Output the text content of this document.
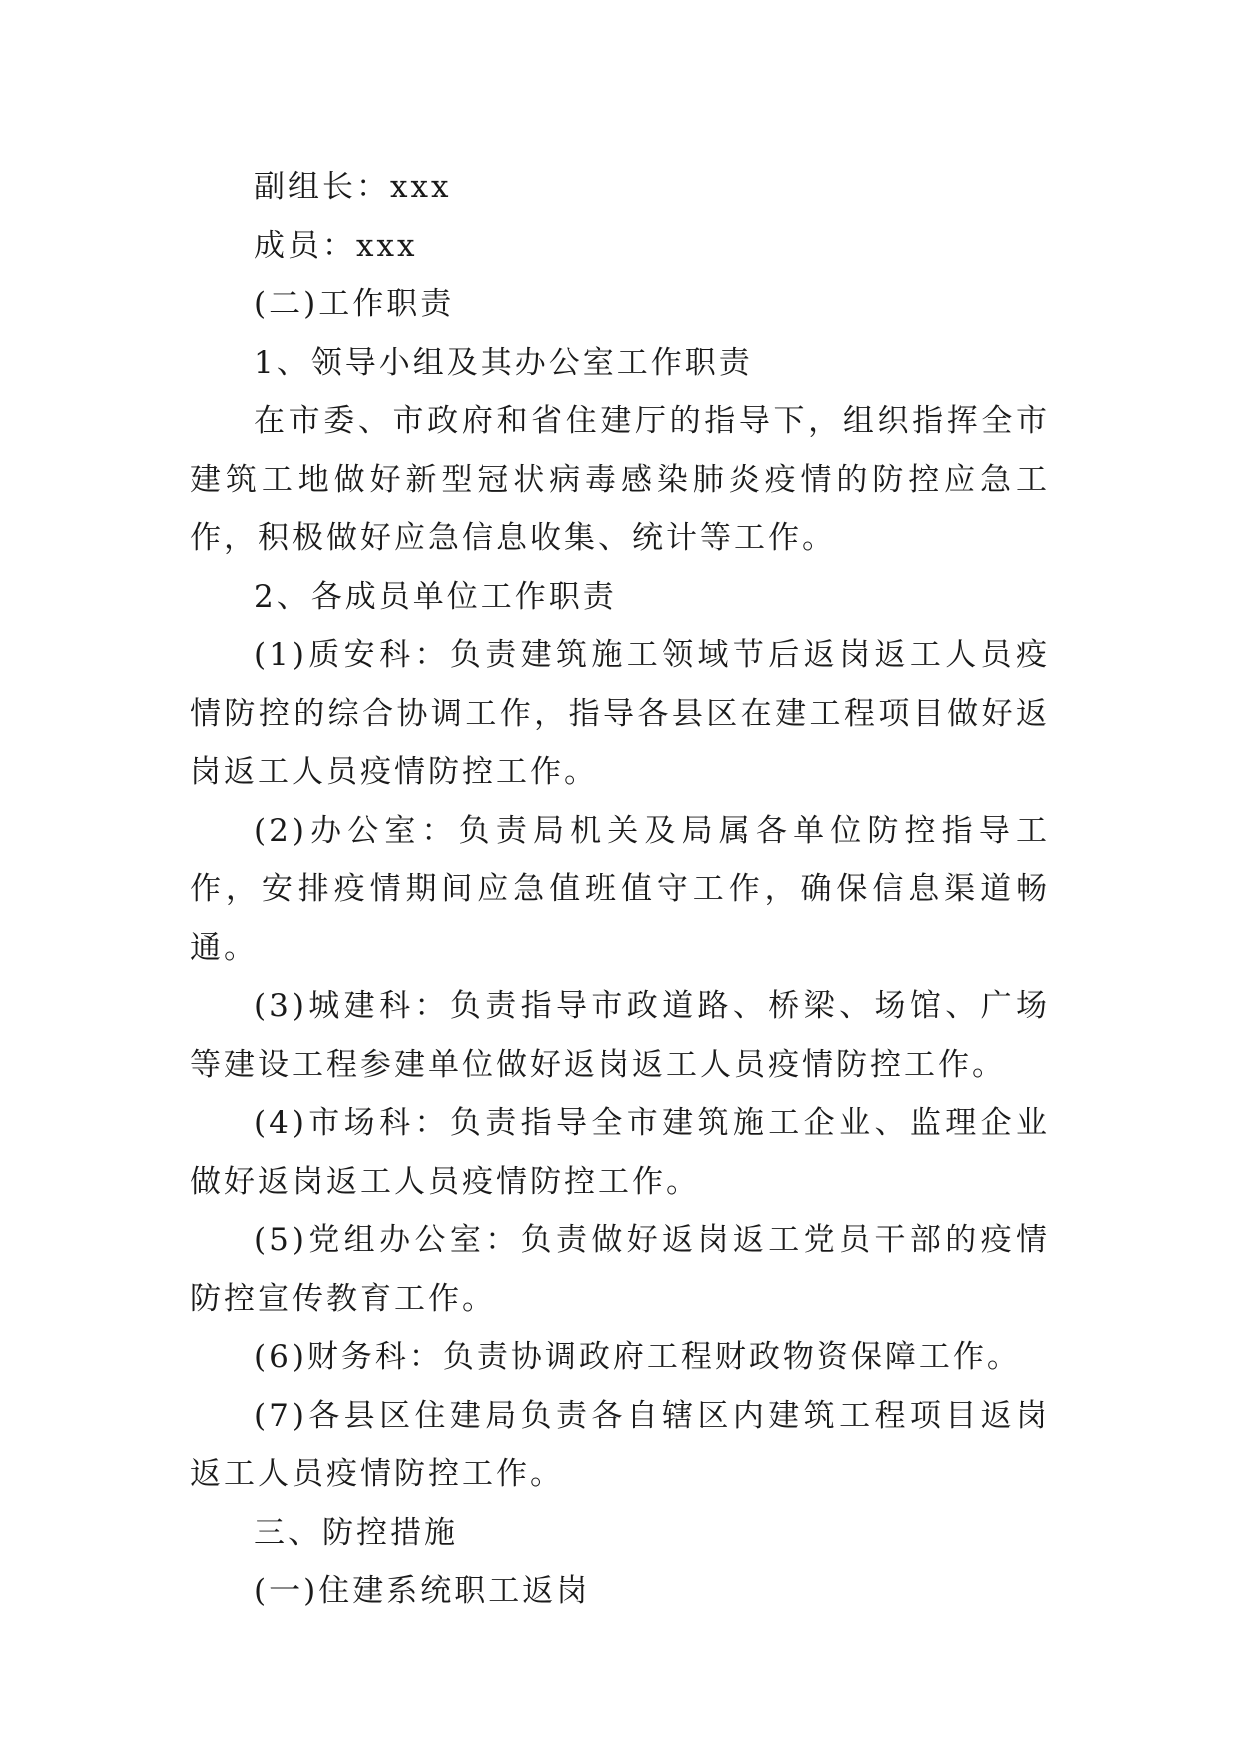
副组长：xxx

成员：xxx

(二)工作职责

1、领导小组及其办公室工作职责

在市委、市政府和省住建厅的指导下，组织指挥全市建筑工地做好新型冠状病毒感染肺炎疫情的防控应急工作，积极做好应急信息收集、统计等工作。

2、各成员单位工作职责

(1)质安科：负责建筑施工领域节后返岗返工人员疫情防控的综合协调工作，指导各县区在建工程项目做好返岗返工人员疫情防控工作。

(2)办公室：负责局机关及局属各单位防控指导工作，安排疫情期间应急值班值守工作，确保信息渠道畅通。

(3)城建科：负责指导市政道路、桥梁、场馆、广场等建设工程参建单位做好返岗返工人员疫情防控工作。

(4)市场科：负责指导全市建筑施工企业、监理企业做好返岗返工人员疫情防控工作。

(5)党组办公室：负责做好返岗返工党员干部的疫情防控宣传教育工作。

(6)财务科：负责协调政府工程财政物资保障工作。

(7)各县区住建局负责各自辖区内建筑工程项目返岗返工人员疫情防控工作。

三、防控措施

(一)住建系统职工返岗
